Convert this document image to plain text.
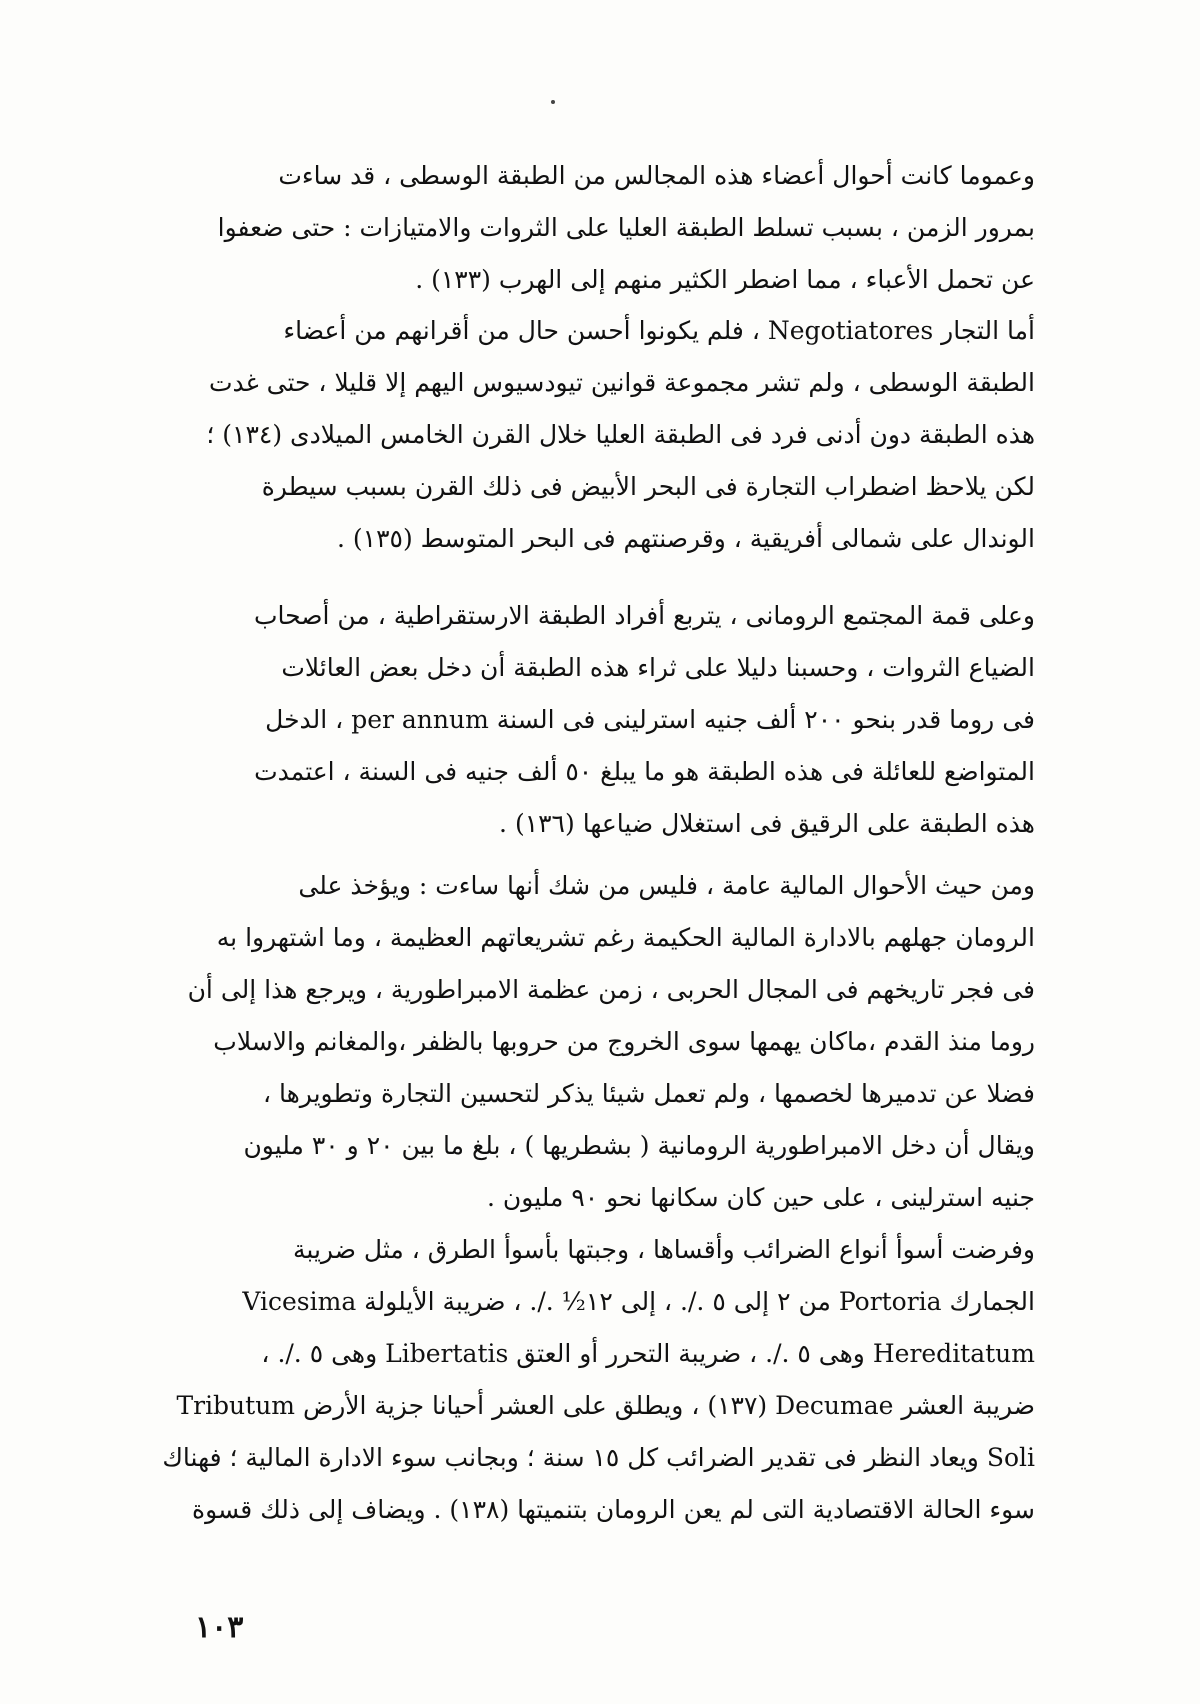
وعموما كانت أحوال أعضاء هذه المجالس من الطبقة الوسطى ، قد ساءت
بمرور الزمن ، بسبب تسلط الطبقة العليا على الثروات والامتيازات : حتى ضعفوا
عن تحمل الأعباء ، مما اضطر الكثير منهم إلى الهرب (١٣٣) .
أما التجار Negotiatores ، فلم يكونوا أحسن حال من أقرانهم من أعضاء
الطبقة الوسطى ، ولم تشر مجموعة قوانين تيودسيوس اليهم إلا قليلا ، حتى غدت
هذه الطبقة دون أدنى فرد فى الطبقة العليا خلال القرن الخامس الميلادى (١٣٤) ؛
لكن يلاحظ اضطراب التجارة فى البحر الأبيض فى ذلك القرن بسبب سيطرة
الوندال على شمالى أفريقية ، وقرصنتهم فى البحر المتوسط (١٣٥) .
وعلى قمة المجتمع الرومانى ، يتربع أفراد الطبقة الارستقراطية ، من أصحاب
الضياع الثروات ، وحسبنا دليلا على ثراء هذه الطبقة أن دخل بعض العائلات
فى روما قدر بنحو ٢٠٠ ألف جنيه استرلينى فى السنة per annum ، الدخل
المتواضع للعائلة فى هذه الطبقة هو ما يبلغ ٥٠ ألف جنيه فى السنة ، اعتمدت
هذه الطبقة على الرقيق فى استغلال ضياعها (١٣٦) .
ومن حيث الأحوال المالية عامة ، فليس من شك أنها ساءت : ويؤخذ على
الرومان جهلهم بالادارة المالية الحكيمة رغم تشريعاتهم العظيمة ، وما اشتهروا به
فى فجر تاريخهم فى المجال الحربى ، زمن عظمة الامبراطورية ، ويرجع هذا إلى أن
روما منذ القدم ،ماكان يهمها سوى الخروج من حروبها بالظفر ،والمغانم والاسلاب
فضلا عن تدميرها لخصمها ، ولم تعمل شيئا يذكر لتحسين التجارة وتطويرها ،
ويقال أن دخل الامبراطورية الرومانية ( بشطريها ) ، بلغ ما بين ٢٠ و ٣٠ مليون
جنيه استرلينى ، على حين كان سكانها نحو ٩٠ مليون .
وفرضت أسوأ أنواع الضرائب وأقساها ، وجبتها بأسوأ الطرق ، مثل ضريبة
الجمارك Portoria من ٢ إلى ٥ ./. ، إلى ١٢½ ./. ، ضريبة الأيلولة Vicesima
Hereditatum وهى ٥ ./. ، ضريبة التحرر أو العتق Libertatis وهى ٥ ./. ،
ضريبة العشر Decumae (١٣٧) ، ويطلق على العشر أحيانا جزية الأرض Tributum
Soli ويعاد النظر فى تقدير الضرائب كل ١٥ سنة ؛ وبجانب سوء الادارة المالية ؛ فهناك
سوء الحالة الاقتصادية التى لم يعن الرومان بتنميتها (١٣٨) . ويضاف إلى ذلك قسوة
١٠٣
